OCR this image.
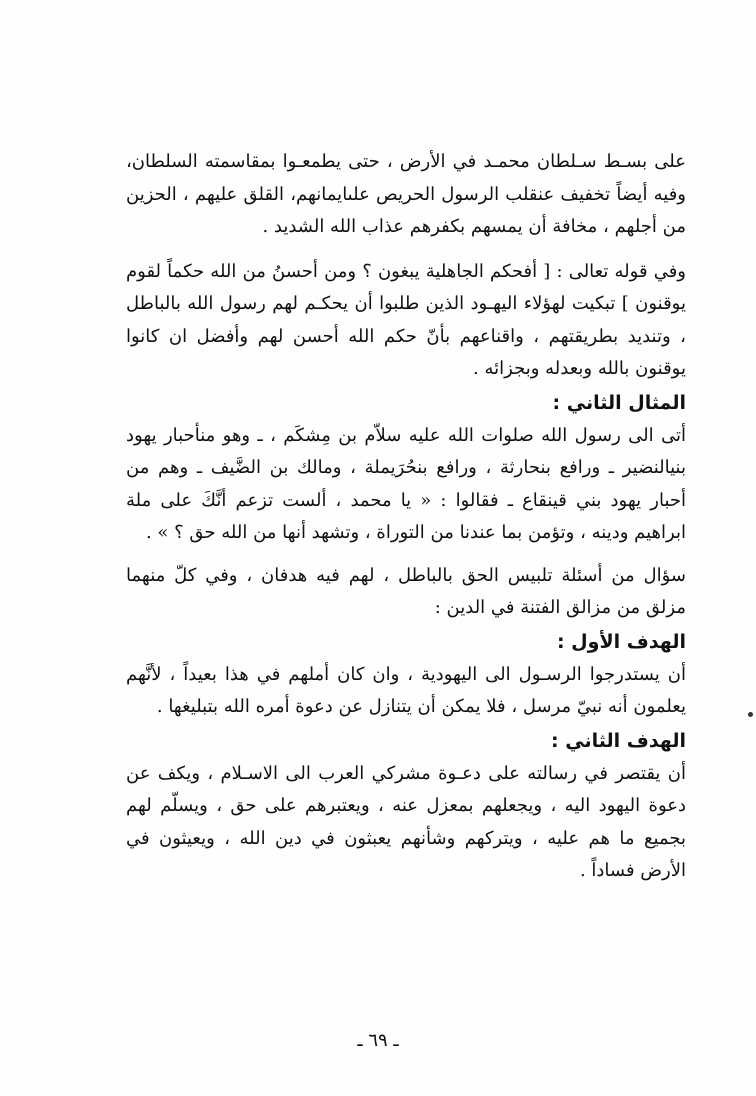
على بسـط سـلطان محمـد في الأرض ، حتى يطمعـوا بمقاسمته السلطان، وفيه أيضاً تخفيف عنقلب الرسول الحريص علىايمانهم، القلق عليهم ، الحزين من أجلهم ، مخافة أن يمسهم بكفرهم عذاب الله الشديد .

وفي قوله تعالى : [ أفحكم الجاهلية يبغون ؟ ومن أحسنُ من الله حكماً لقوم يوقنون ] تبكيت لهؤلاء اليهـود الذين طلبوا أن يحكـم لهم رسول الله بالباطل ، وتنديد بطريقتهم ، واقناعهم بأنّ حكم الله أحسن لهم وأفضل ان كانوا يوقنون بالله وبعدله وبجزائه .

المثال الثاني :

أتى الى رسول الله صلوات الله عليه سلاّم بن مِشكَم ، ـ وهو منأحبار يهود بنيالنضير ـ ورافع بنحارثة ، ورافع بنحُرَيملة ، ومالك بن الضَّيف ـ وهم من أحبار يهود بني قينقاع ـ فقالوا : « يا محمد ، ألست تزعم أنَّكَ على ملة ابراهيم ودينه ، وتؤمن بما عندنا من التوراة ، وتشهد أنها من الله حق ؟ » .

سؤال من أسئلة تلبيس الحق بالباطل ، لهم فيه هدفان ، وفي كلّ منهما مزلق من مزالق الفتنة في الدين :

الهدف الأول :

أن يستدرجوا الرسـول الى اليهودية ، وان كان أملهم في هذا بعيداً ، لأنَّهم يعلمون أنه نبيّ مرسل ، فلا يمكن أن يتنازل عن دعوة أمره الله بتبليغها .

الهدف الثاني :

أن يقتصر في رسالته على دعـوة مشركي العرب الى الاسـلام ، ويكف عن دعوة اليهود اليه ، ويجعلهم بمعزل عنه ، ويعتبرهم على حق ، ويسلّم لهم بجميع ما هم عليه ، ويتركهم وشأنهم يعبثون في دين الله ، ويعيثون في الأرض فساداً .

ـ ٦٩ ـ
